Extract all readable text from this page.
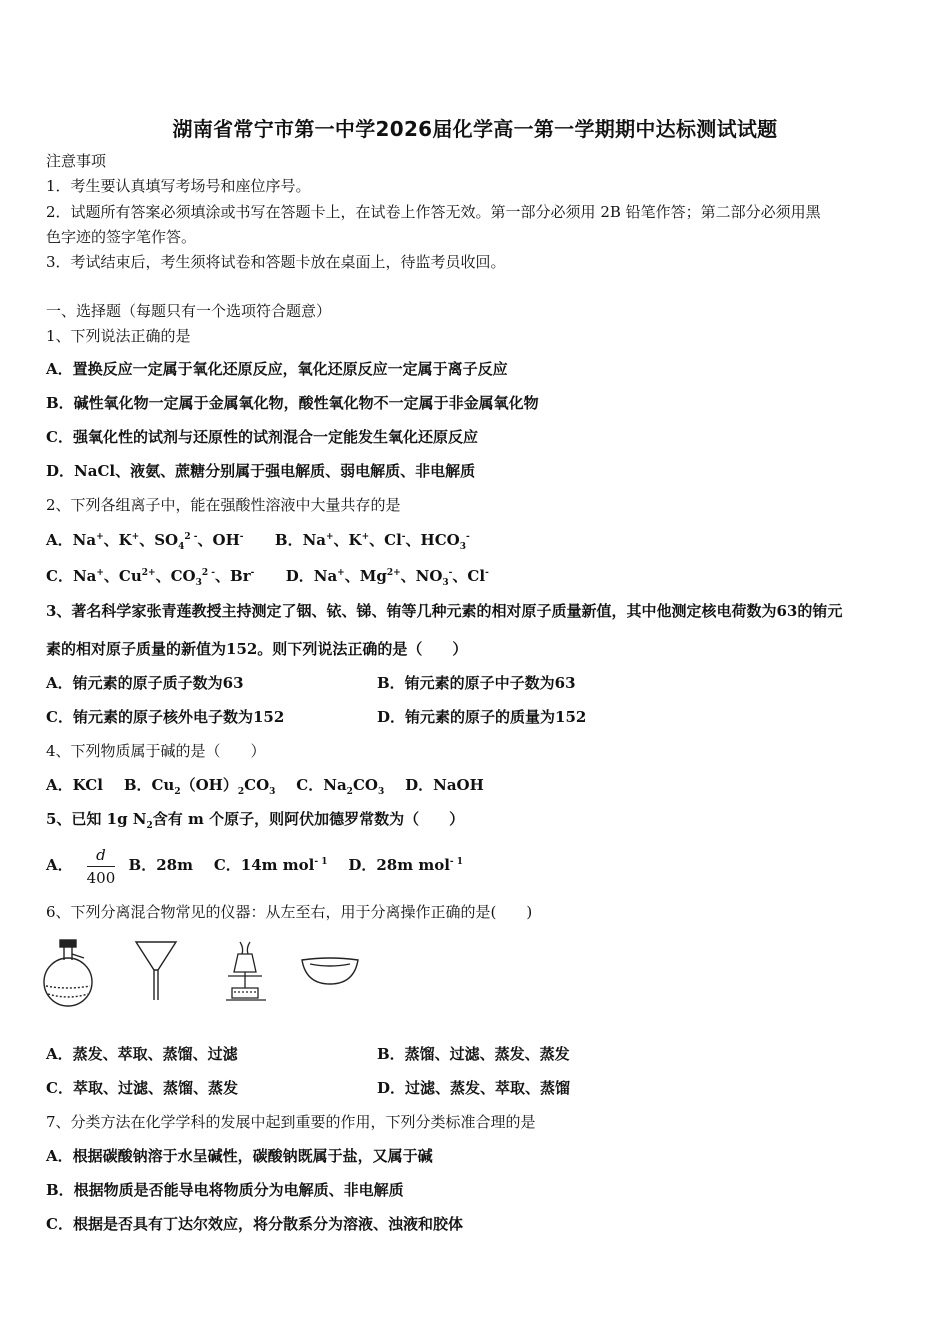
湖南省常宁市第一中学2026届化学高一第一学期期中达标测试试题
注意事项
1．考生要认真填写考场号和座位序号。
2．试题所有答案必须填涂或书写在答题卡上，在试卷上作答无效。第一部分必须用 2B 铅笔作答；第二部分必须用黑
色字迹的签字笔作答。
3．考试结束后，考生须将试卷和答题卡放在桌面上，待监考员收回。
一、选择题（每题只有一个选项符合题意）
1、下列说法正确的是
A．置换反应一定属于氧化还原反应，氧化还原反应一定属于离子反应
B．碱性氧化物一定属于金属氧化物，酸性氧化物不一定属于非金属氧化物
C．强氧化性的试剂与还原性的试剂混合一定能发生氧化还原反应
D．NaCl、液氨、蔗糖分别属于强电解质、弱电解质、非电解质
2、下列各组离子中，能在强酸性溶液中大量共存的是
A．Na+、K+、$SO_4^{2 -}$、OH- B．Na+、K+、Cl-、$HCO_3^-$
C．Na+、$Cu^{2+}$、$CO_3^{2 -}$、Br- D．Na+、$Mg^{2+}$、$NO_3^-$、Cl-
3、著名科学家张青莲教授主持测定了铟、铱、锑、铕等几种元素的相对原子质量新值，其中他测定核电荷数为63的铕元
素的相对原子质量的新值为152。则下列说法正确的是（　　）
A．铕元素的原子质子数为63	B．铕元素的原子中子数为63
C．铕元素的原子核外电子数为152	D．铕元素的原子的质量为152
4、下列物质属于碱的是（　　）
A．KCl B．$Cu_2(OH)_2CO_3$ C．$Na_2CO_3$ D．NaOH
5、已知 1g $N_2$含有 m 个原子，则阿伏加德罗常数为（　　）
A． $\frac{d}{400}$ B．28m C．14m mol$^{- 1}$ D．28m mol$^{- 1}$
6、下列分离混合物常见的仪器：从左至右，用于分离操作正确的是(　　)
A．蒸发、萃取、蒸馏、过滤	B．蒸馏、过滤、蒸发、蒸发
C．萃取、过滤、蒸馏、蒸发	D．过滤、蒸发、萃取、蒸馏
7、分类方法在化学学科的发展中起到重要的作用，下列分类标准合理的是
A．根据碳酸钠溶于水呈碱性，碳酸钠既属于盐，又属于碱
B．根据物质是否能导电将物质分为电解质、非电解质
C．根据是否具有丁达尔效应，将分散系分为溶液、浊液和胶体
